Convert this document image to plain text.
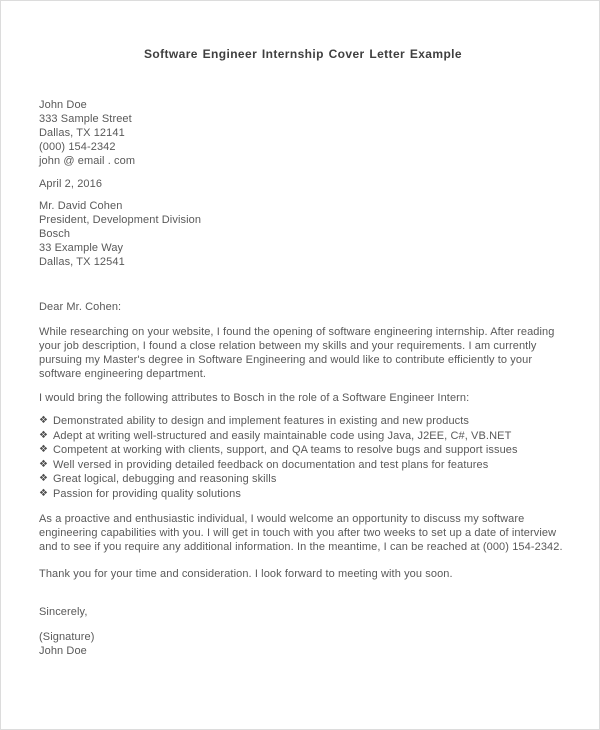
Software Engineer Internship Cover Letter Example
John Doe
333 Sample Street
Dallas, TX 12141
(000) 154-2342
john @ email . com
April 2, 2016
Mr. David Cohen
President, Development Division
Bosch
33 Example Way
Dallas, TX 12541
Dear Mr. Cohen:

While researching on your website, I found the opening of software engineering internship. After reading your job description, I found a close relation between my skills and your requirements. I am currently pursuing my Master's degree in Software Engineering and would like to contribute efficiently to your software engineering department.

I would bring the following attributes to Bosch in the role of a Software Engineer Intern:

❖ Demonstrated ability to design and implement features in existing and new products
❖ Adept at writing well-structured and easily maintainable code using Java, J2EE, C#, VB.NET
❖ Competent at working with clients, support, and QA teams to resolve bugs and support issues
❖ Well versed in providing detailed feedback on documentation and test plans for features
❖ Great logical, debugging and reasoning skills
❖ Passion for providing quality solutions

As a proactive and enthusiastic individual, I would welcome an opportunity to discuss my software engineering capabilities with you. I will get in touch with you after two weeks to set up a date of interview and to see if you require any additional information. In the meantime, I can be reached at (000) 154-2342.

Thank you for your time and consideration. I look forward to meeting with you soon.

Sincerely,
(Signature)
John Doe
